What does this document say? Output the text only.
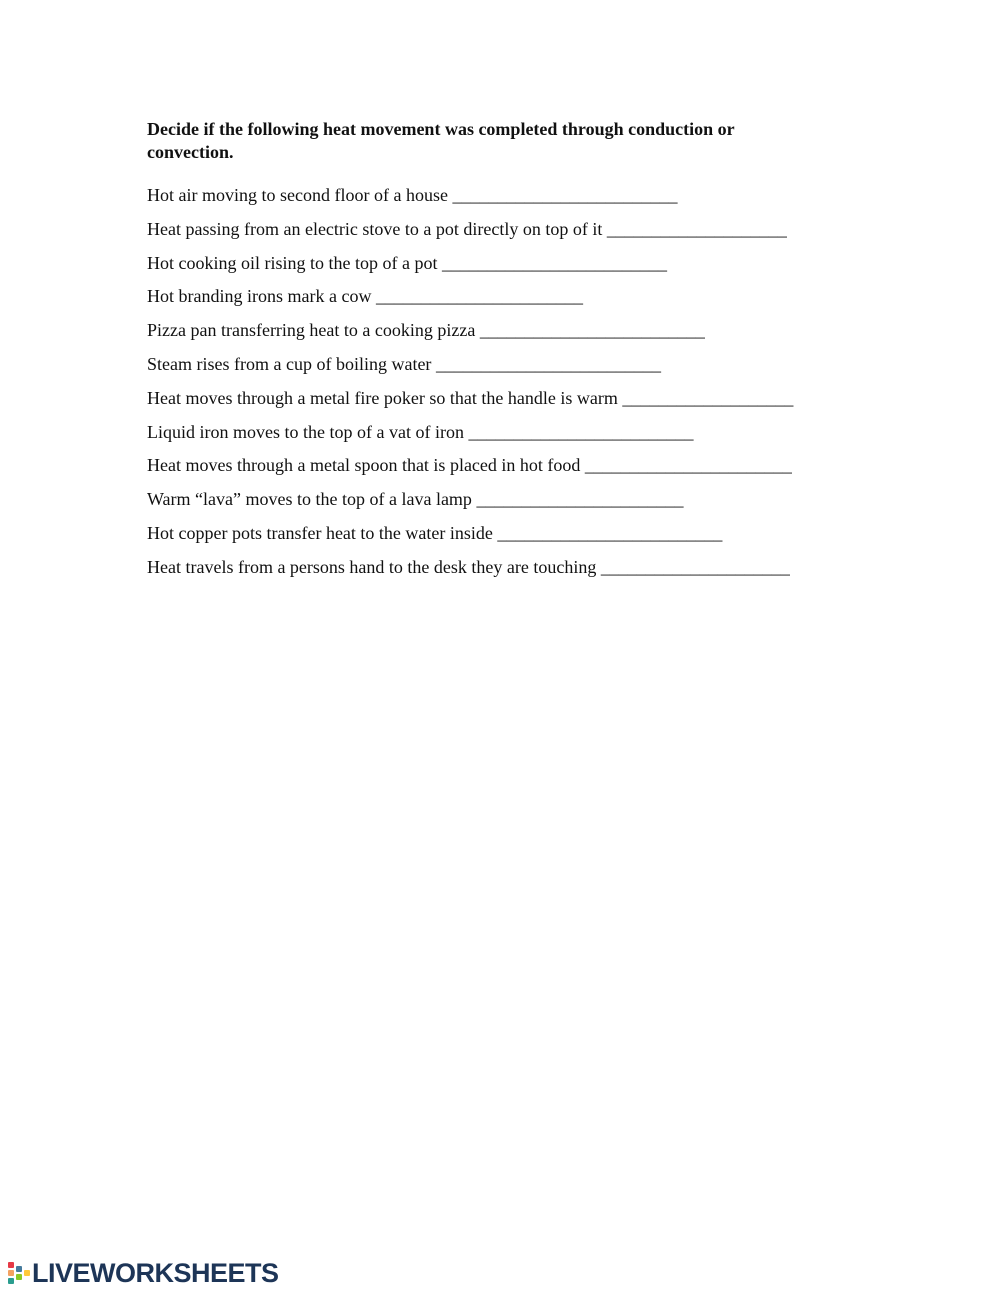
Decide if the following heat movement was completed through conduction or convection.

Hot air moving to second floor of a house _________________________
Heat passing from an electric stove to a pot directly on top of it ____________________
Hot cooking oil rising to the top of a pot _________________________
Hot branding irons mark a cow _______________________
Pizza pan transferring heat to a cooking pizza _________________________
Steam rises from a cup of boiling water _________________________
Heat moves through a metal fire poker so that the handle is warm ___________________
Liquid iron moves to the top of a vat of iron _________________________
Heat moves through a metal spoon that is placed in hot food _______________________
Warm “lava” moves to the top of a lava lamp _______________________
Hot copper pots transfer heat to the water inside _________________________
Heat travels from a persons hand to the desk they are touching _____________________
LIVEWORKSHEETS
